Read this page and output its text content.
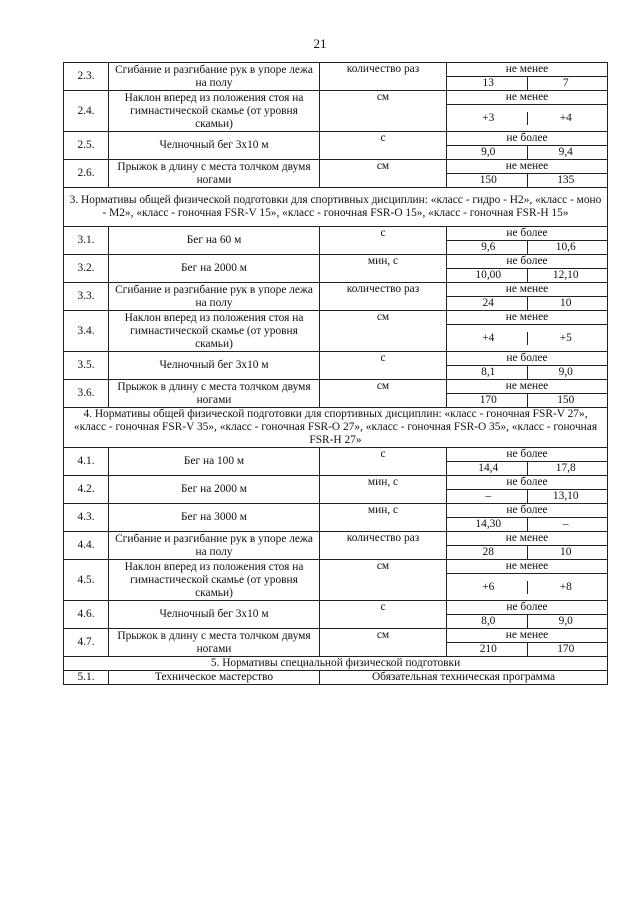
21
2.3.	Сгибание и разгибание рук в упоре лежа на полу	количество раз	не менее

			13 7

2.4.	Наклон вперед из положения стоя на гимнастической скамье (от уровня скамьи)	см	не менее

			+3 +4

2.5.	Челночный бег 3х10 м	с	не более

			9,0 9,4

2.6.	Прыжок в длину с места толчком двумя ногами	см	не менее

			150 135

3. Нормативы общей физической подготовки для спортивных дисциплин: «класс - гидро - H2», «класс - моно - M2», «класс - гоночная FSR-V 15», «класс - гоночная FSR-O 15», «класс - гоночная FSR-H 15»			
3.1.	Бег на 60 м	с	не более

			9,6 10,6

3.2.	Бег на 2000 м	мин, с	не более

			10,00 12,10

3.3.	Сгибание и разгибание рук в упоре лежа на полу	количество раз	не менее

			24 10

3.4.	Наклон вперед из положения стоя на гимнастической скамье (от уровня скамьи)	см	не менее

			+4 +5

3.5.	Челночный бег 3х10 м	с	не более

			8,1 9,0

3.6.	Прыжок в длину с места толчком двумя ногами	см	не менее

			170 150

4. Нормативы общей физической подготовки для спортивных дисциплин: «класс - гоночная FSR-V 27», «класс - гоночная FSR-V 35», «класс - гоночная FSR-O 27», «класс - гоночная FSR-O 35», «класс - гоночная FSR-H 27»			
4.1.	Бег на 100 м	с	не более

			14,4 17,8

4.2.	Бег на 2000 м	мин, с	не более

			– 13,10

4.3.	Бег на 3000 м	мин, с	не более

			14,30 –

4.4.	Сгибание и разгибание рук в упоре лежа на полу	количество раз	не менее

			28 10

4.5.	Наклон вперед из положения стоя на гимнастической скамье (от уровня скамьи)	см	не менее

			+6 +8

4.6.	Челночный бег 3х10 м	с	не более

			8,0 9,0

4.7.	Прыжок в длину с места толчком двумя ногами	см	не менее

			210 170

5. Нормативы специальной физической подготовки			
5.1.	Техническое мастерство	Обязательная техническая программа	
